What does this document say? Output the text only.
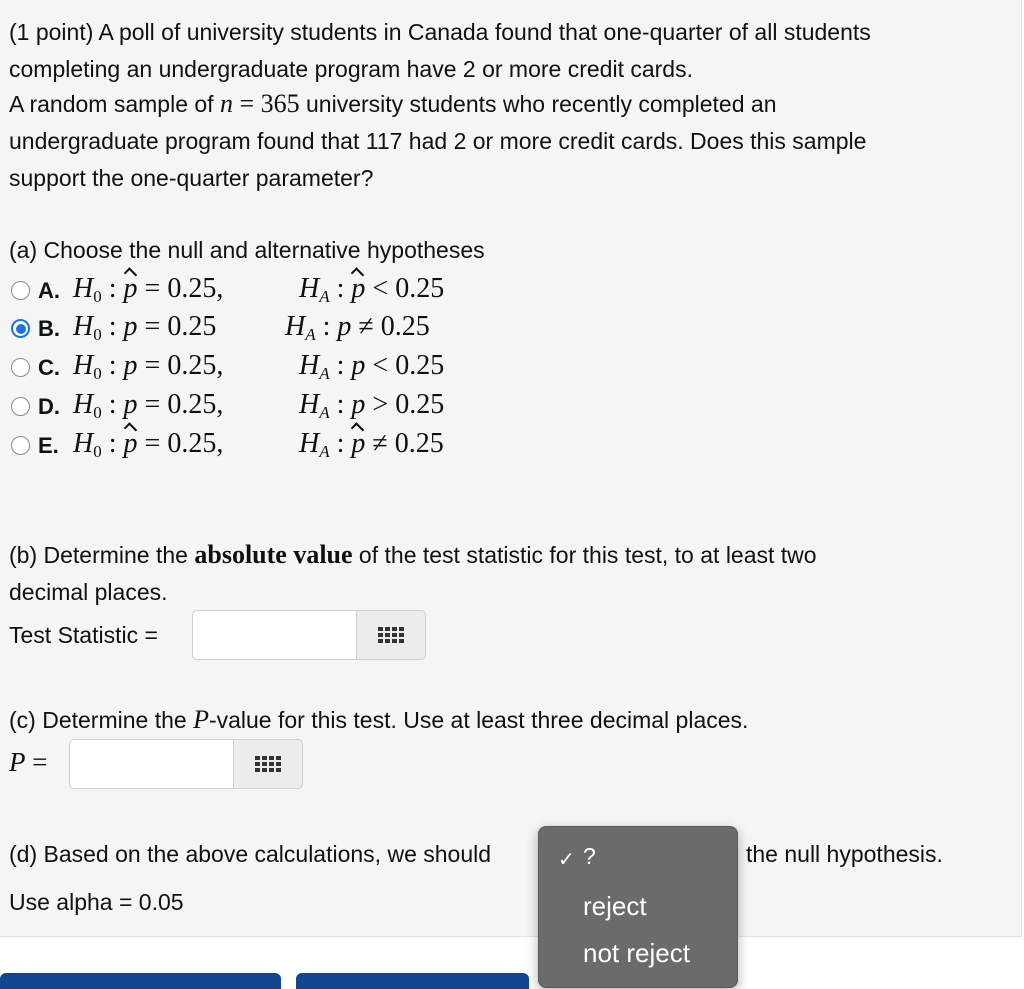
(1 point) A poll of university students in Canada found that one-quarter of all students
completing an undergraduate program have 2 or more credit cards.
A random sample of n = 365 university students who recently completed an
undergraduate program found that 117 had 2 or more credit cards. Does this sample
support the one-quarter parameter?
(a) Choose the null and alternative hypotheses
A. $H_0$ : p = 0.25,	$H_A$ : p < 0.25
B. $H_0$ : p = 0.25 $H_A$ : p ≠ 0.25
C. $H_0$ : p = 0.25,	$H_A$ : p < 0.25
D. $H_0$ : p = 0.25,	$H_A$ : p > 0.25
E. $H_0$ : p = 0.25,	$H_A$ : p ≠ 0.25
(b) Determine the absolute value of the test statistic for this test, to at least two
decimal places.
Test Statistic =
(c) Determine the P-value for this test. Use at least three decimal places.
P =
(d) Based on the above calculations, we should	the null hypothesis.
Use alpha = 0.05
✓ ?
reject
not reject
